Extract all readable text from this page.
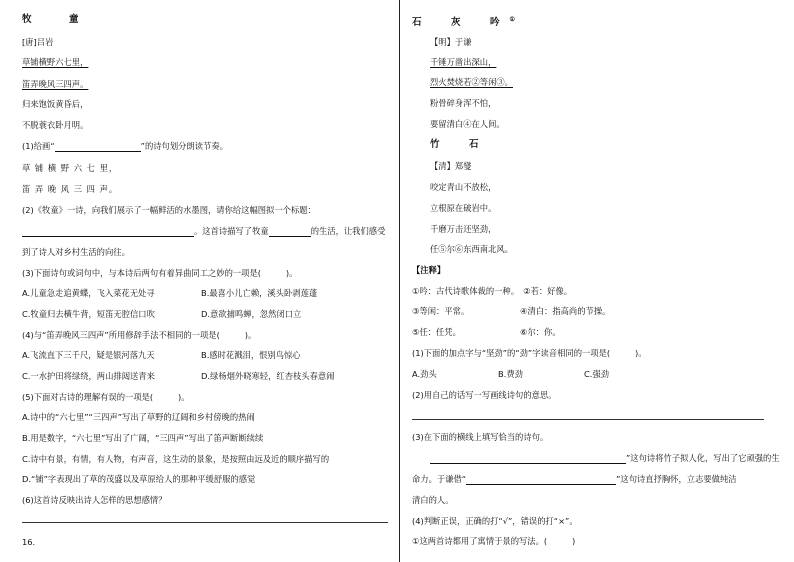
牧　童
[唐]吕岩
草铺横野六七里，
笛弄晚风三四声。
归来饱饭黄昏后，
不脱蓑衣卧月明。
(1)给画“	”的诗句划分朗读节奏。
草 铺 横 野 六 七 里，
笛 弄 晚 风 三 四 声。
(2)《牧童》一诗，向我们展示了一幅鲜活的水墨图，请你给这幅图拟一个标题：
。这首诗描写了牧童	的生活，让我们感受
到了诗人对乡村生活的向往。
(3)下面诗句或词句中，与本诗后两句有着异曲同工之妙的一项是(　　　)。
A.儿童急走追黄蝶，飞入菜花无处寻	B.最喜小儿亡赖，溪头卧剥莲蓬
C.牧童归去横牛背，短笛无腔信口吹	D.意欲捕鸣蝉，忽然闭口立
(4)与“笛弄晚风三四声”所用修辞手法不相同的一项是(　　　)。
A.飞流直下三千尺，疑是银河落九天	B.感时花溅泪，恨别鸟惊心
C.一水护田将绿绕，两山排闼送青来	D.绿杨烟外晓寒轻，红杏枝头春意闹
(5)下面对古诗的理解有误的一项是(　　　)。
A.诗中的“六七里”“三四声”写出了草野的辽阔和乡村傍晚的热闹
B.用是数字，“六七里”写出了广阔，“三四声”写出了笛声断断续续
C.诗中有景，有情，有人物，有声音，这生动的景象，是按照由远及近的顺序描写的
D.“铺”字表现出了草的茂盛以及草原给人的那种平缓舒服的感觉
(6)这首诗反映出诗人怎样的思想感情？
16.
石　灰　吟①
【明】于谦
千锤万凿出深山，
烈火焚烧若②等闲③。
粉骨碎身浑不怕，
要留清白④在人间。
竹　石
【清】郑燮
咬定青山不放松，
立根原在破岩中。
千磨万击还坚劲，
任⑤尔⑥东西南北风。
【注释】
①吟：古代诗歌体裁的一种。　②若：好像。
③等闲：平常。	④清白：指高尚的节操。
⑤任：任凭。	⑥尔：你。
(1)下面的加点字与“坚劲”的“劲”字读音相同的一项是(　　　)。
A.劲头	B.费劲	C.强劲
(2)用自己的话写一写画线诗句的意思。
(3)在下面的横线上填写恰当的诗句。
”这句诗将竹子拟人化，写出了它顽强的生
命力。于谦借“	”这句诗直抒胸怀，立志要做纯洁
清白的人。
(4)判断正误，正确的打“√”，错误的打“×”。
①这两首诗都用了寓情于景的写法。(　　　)
